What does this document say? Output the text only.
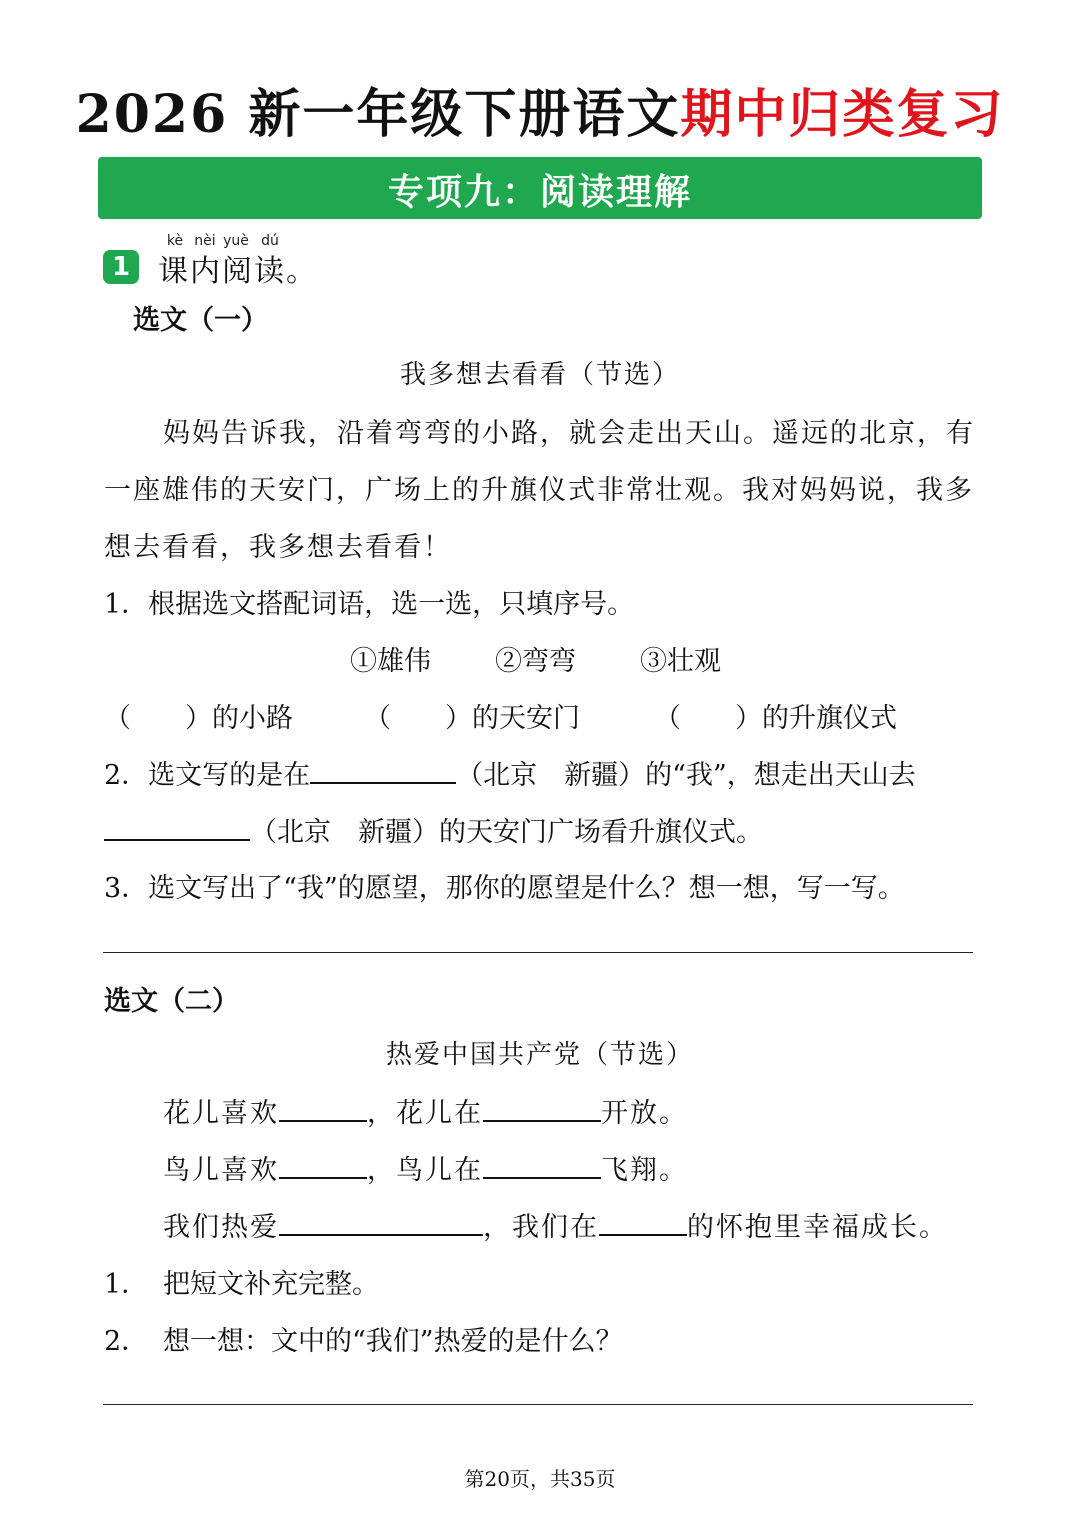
2026 新一年级下册语文期中归类复习
专项九：阅读理解
1
kè nèi yuè dú
课内阅读。
选文（一）
我多想去看看（节选）
妈妈告诉我，沿着弯弯的小路，就会走出天山。遥远的北京，有
一座雄伟的天安门，广场上的升旗仪式非常壮观。我对妈妈说，我多
想去看看，我多想去看看！
1．根据选文搭配词语，选一选，只填序号。
①雄伟 ②弯弯 ③壮观
（　　）的小路	（　　）的天安门	（　　）的升旗仪式
2．选文写的是在	（北京　新疆）的“我”，想走出天山去
（北京　新疆）的天安门广场看升旗仪式。
3．选文写出了“我”的愿望，那你的愿望是什么？想一想，写一写。
选文（二）
热爱中国共产党（节选）
花儿喜欢	，花儿在	开放。
鸟儿喜欢	，鸟儿在	飞翔。
我们热爱	，我们在	的怀抱里幸福成长。
1． 把短文补充完整。
2． 想一想：文中的“我们”热爱的是什么？
第20页，共35页
